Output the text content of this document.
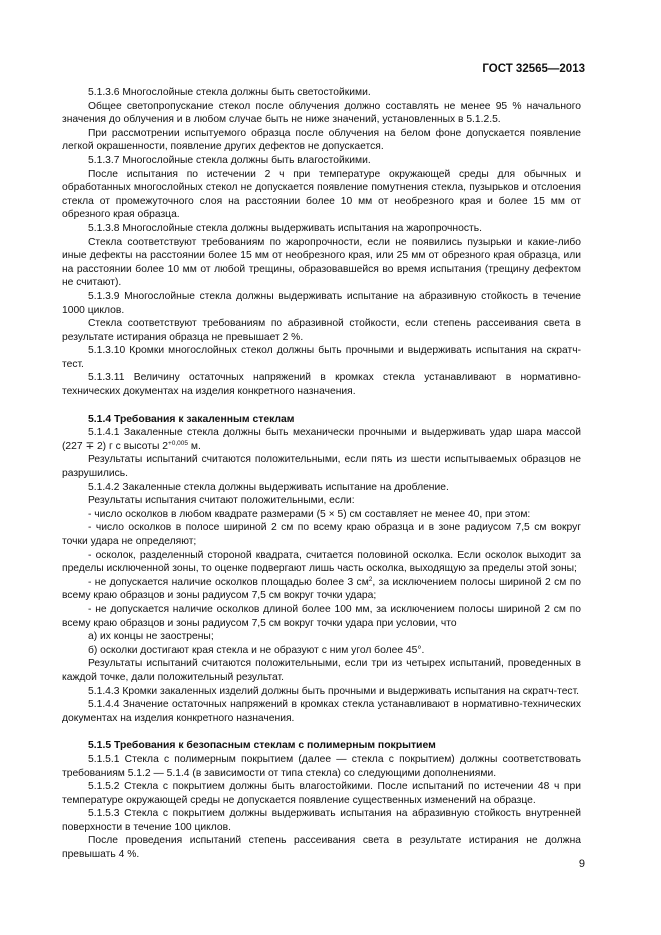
ГОСТ 32565—2013

5.1.3.6 Многослойные стекла должны быть светостойкими.

Общее светопропускание стекол после облучения должно составлять не менее 95 % начального значения до облучения и в любом случае быть не ниже значений, установленных в 5.1.2.5.

При рассмотрении испытуемого образца после облучения на белом фоне допускается появление легкой окрашенности, появление других дефектов не допускается.

5.1.3.7 Многослойные стекла должны быть влагостойкими.

После испытания по истечении 2 ч при температуре окружающей среды для обычных и обработанных многослойных стекол не допускается появление помутнения стекла, пузырьков и отслоения стекла от промежуточного слоя на расстоянии более 10 мм от необрезного края и более 15 мм от обрезного края образца.

5.1.3.8 Многослойные стекла должны выдерживать испытания на жаропрочность.

Стекла соответствуют требованиям по жаропрочности, если не появились пузырьки и какие-либо иные дефекты на расстоянии более 15 мм от необрезного края, или 25 мм от обрезного края образца, или на расстоянии более 10 мм от любой трещины, образовавшейся во время испытания (трещину дефектом не считают).

5.1.3.9 Многослойные стекла должны выдерживать испытание на абразивную стойкость в течение 1000 циклов.

Стекла соответствуют требованиям по абразивной стойкости, если степень рассеивания света в результате истирания образца не превышает 2 %.

5.1.3.10 Кромки многослойных стекол должны быть прочными и выдерживать испытания на скратч-тест.

5.1.3.11 Величину остаточных напряжений в кромках стекла устанавливают в нормативно-технических документах на изделия конкретного назначения.

5.1.4 Требования к закаленным стеклам

5.1.4.1 Закаленные стекла должны быть механически прочными и выдерживать удар шара массой (227 ∓ 2) г с высоты $2^{+0,005}$ м.

Результаты испытаний считаются положительными, если пять из шести испытываемых образцов не разрушились.

5.1.4.2 Закаленные стекла должны выдерживать испытание на дробление.

Результаты испытания считают положительными, если:

- число осколков в любом квадрате размерами (5 × 5) см составляет не менее 40, при этом:

- число осколков в полосе шириной 2 см по всему краю образца и в зоне радиусом 7,5 см вокруг точки удара не определяют;

- осколок, разделенный стороной квадрата, считается половиной осколка. Если осколок выходит за пределы исключенной зоны, то оценке подвергают лишь часть осколка, выходящую за пределы этой зоны;

- не допускается наличие осколков площадью более 3 $см^2$, за исключением полосы шириной 2 см по всему краю образцов и зоны радиусом 7,5 см вокруг точки удара;

- не допускается наличие осколков длиной более 100 мм, за исключением полосы шириной 2 см по всему краю образцов и зоны радиусом 7,5 см вокруг точки удара при условии, что

а) их концы не заострены;

б) осколки достигают края стекла и не образуют с ним угол более 45°.

Результаты испытаний считаются положительными, если три из четырех испытаний, проведенных в каждой точке, дали положительный результат.

5.1.4.3 Кромки закаленных изделий должны быть прочными и выдерживать испытания на скратч-тест.

5.1.4.4 Значение остаточных напряжений в кромках стекла устанавливают в нормативно-технических документах на изделия конкретного назначения.

5.1.5 Требования к безопасным стеклам с полимерным покрытием

5.1.5.1 Стекла с полимерным покрытием (далее — стекла с покрытием) должны соответствовать требованиям 5.1.2 — 5.1.4 (в зависимости от типа стекла) со следующими дополнениями.

5.1.5.2 Стекла с покрытием должны быть влагостойкими. После испытаний по истечении 48 ч при температуре окружающей среды не допускается появление существенных изменений на образце.

5.1.5.3 Стекла с покрытием должны выдерживать испытания на абразивную стойкость внутренней поверхности в течение 100 циклов.

После проведения испытаний степень рассеивания света в результате истирания не должна превышать 4 %.

9
